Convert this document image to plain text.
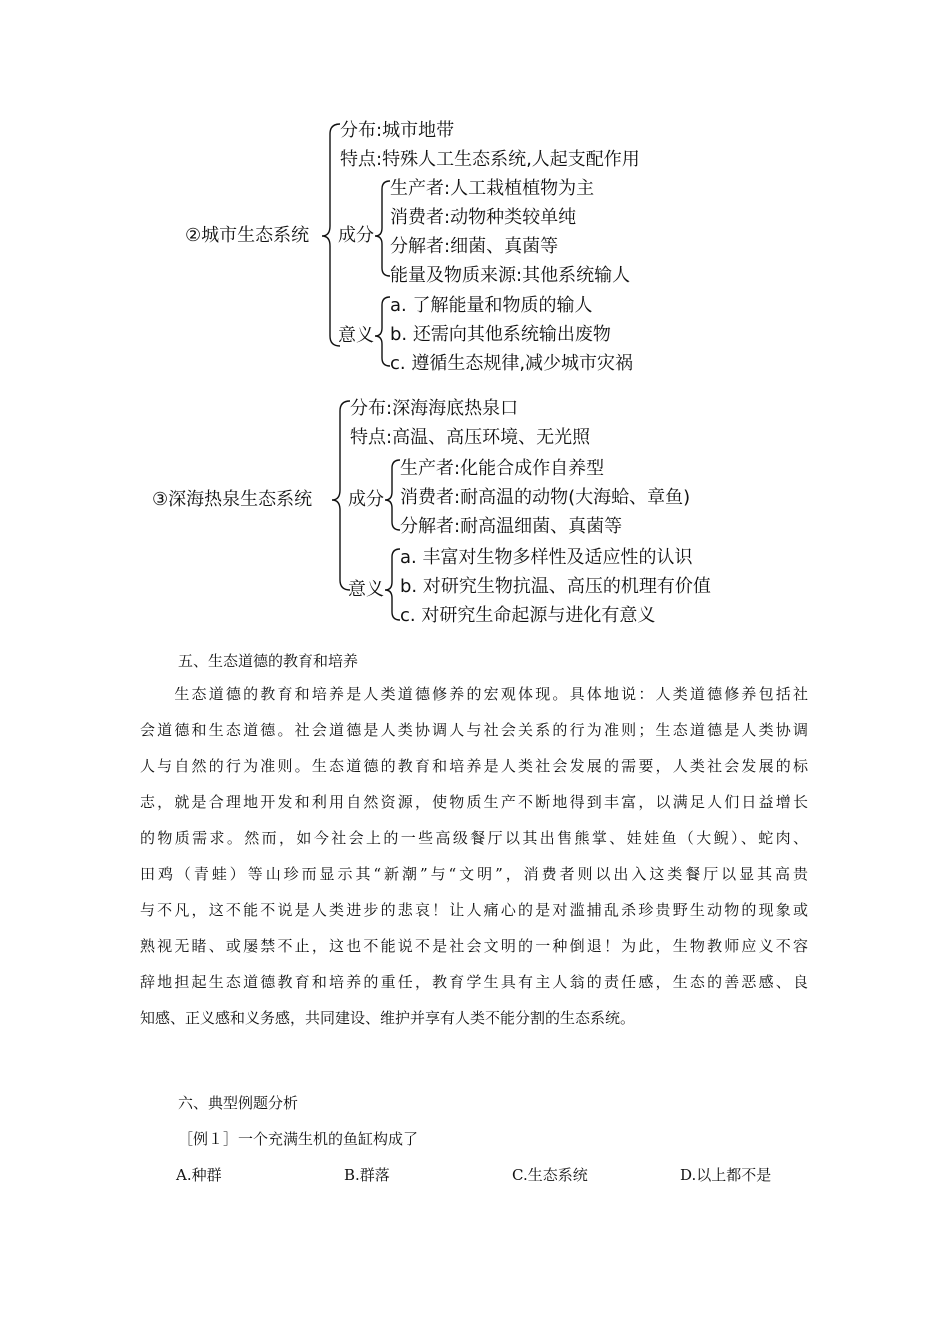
②城市生态系统
分布:城市地带
特点:特殊人工生态系统,人起支配作用
成分
生产者:人工栽植植物为主
消费者:动物种类较单纯
分解者:细菌、真菌等
能量及物质来源:其他系统输人
意义
a. 了解能量和物质的输人
b. 还需向其他系统输出废物
c. 遵循生态规律,减少城市灾祸
③深海热泉生态系统
分布:深海海底热泉口
特点:高温、高压环境、无光照
成分
生产者:化能合成作自养型
消费者:耐高温的动物(大海蛤、章鱼)
分解者:耐高温细菌、真菌等
意义
a. 丰富对生物多样性及适应性的认识
b. 对研究生物抗温、高压的机理有价值
c. 对研究生命起源与进化有意义
五、生态道德的教育和培养
　　生态道德的教育和培养是人类道德修养的宏观体现。具体地说：人类道德修养包括社
会道德和生态道德。社会道德是人类协调人与社会关系的行为准则；生态道德是人类协调
人与自然的行为准则。生态道德的教育和培养是人类社会发展的需要，人类社会发展的标
志，就是合理地开发和利用自然资源，使物质生产不断地得到丰富，以满足人们日益增长
的物质需求。然而，如今社会上的一些高级餐厅以其出售熊掌、娃娃鱼（大鲵）、蛇肉、
田鸡（青蛙）等山珍而显示其“新潮”与“文明”，消费者则以出入这类餐厅以显其高贵
与不凡，这不能不说是人类进步的悲哀！让人痛心的是对滥捕乱杀珍贵野生动物的现象或
熟视无睹、或屡禁不止，这也不能说不是社会文明的一种倒退！为此，生物教师应义不容
辞地担起生态道德教育和培养的重任，教育学生具有主人翁的责任感，生态的善恶感、良
知感、正义感和义务感，共同建设、维护并享有人类不能分割的生态系统。
六、典型例题分析
［例１］一个充满生机的鱼缸构成了
A.种群	B.群落	C.生态系统	D.以上都不是
